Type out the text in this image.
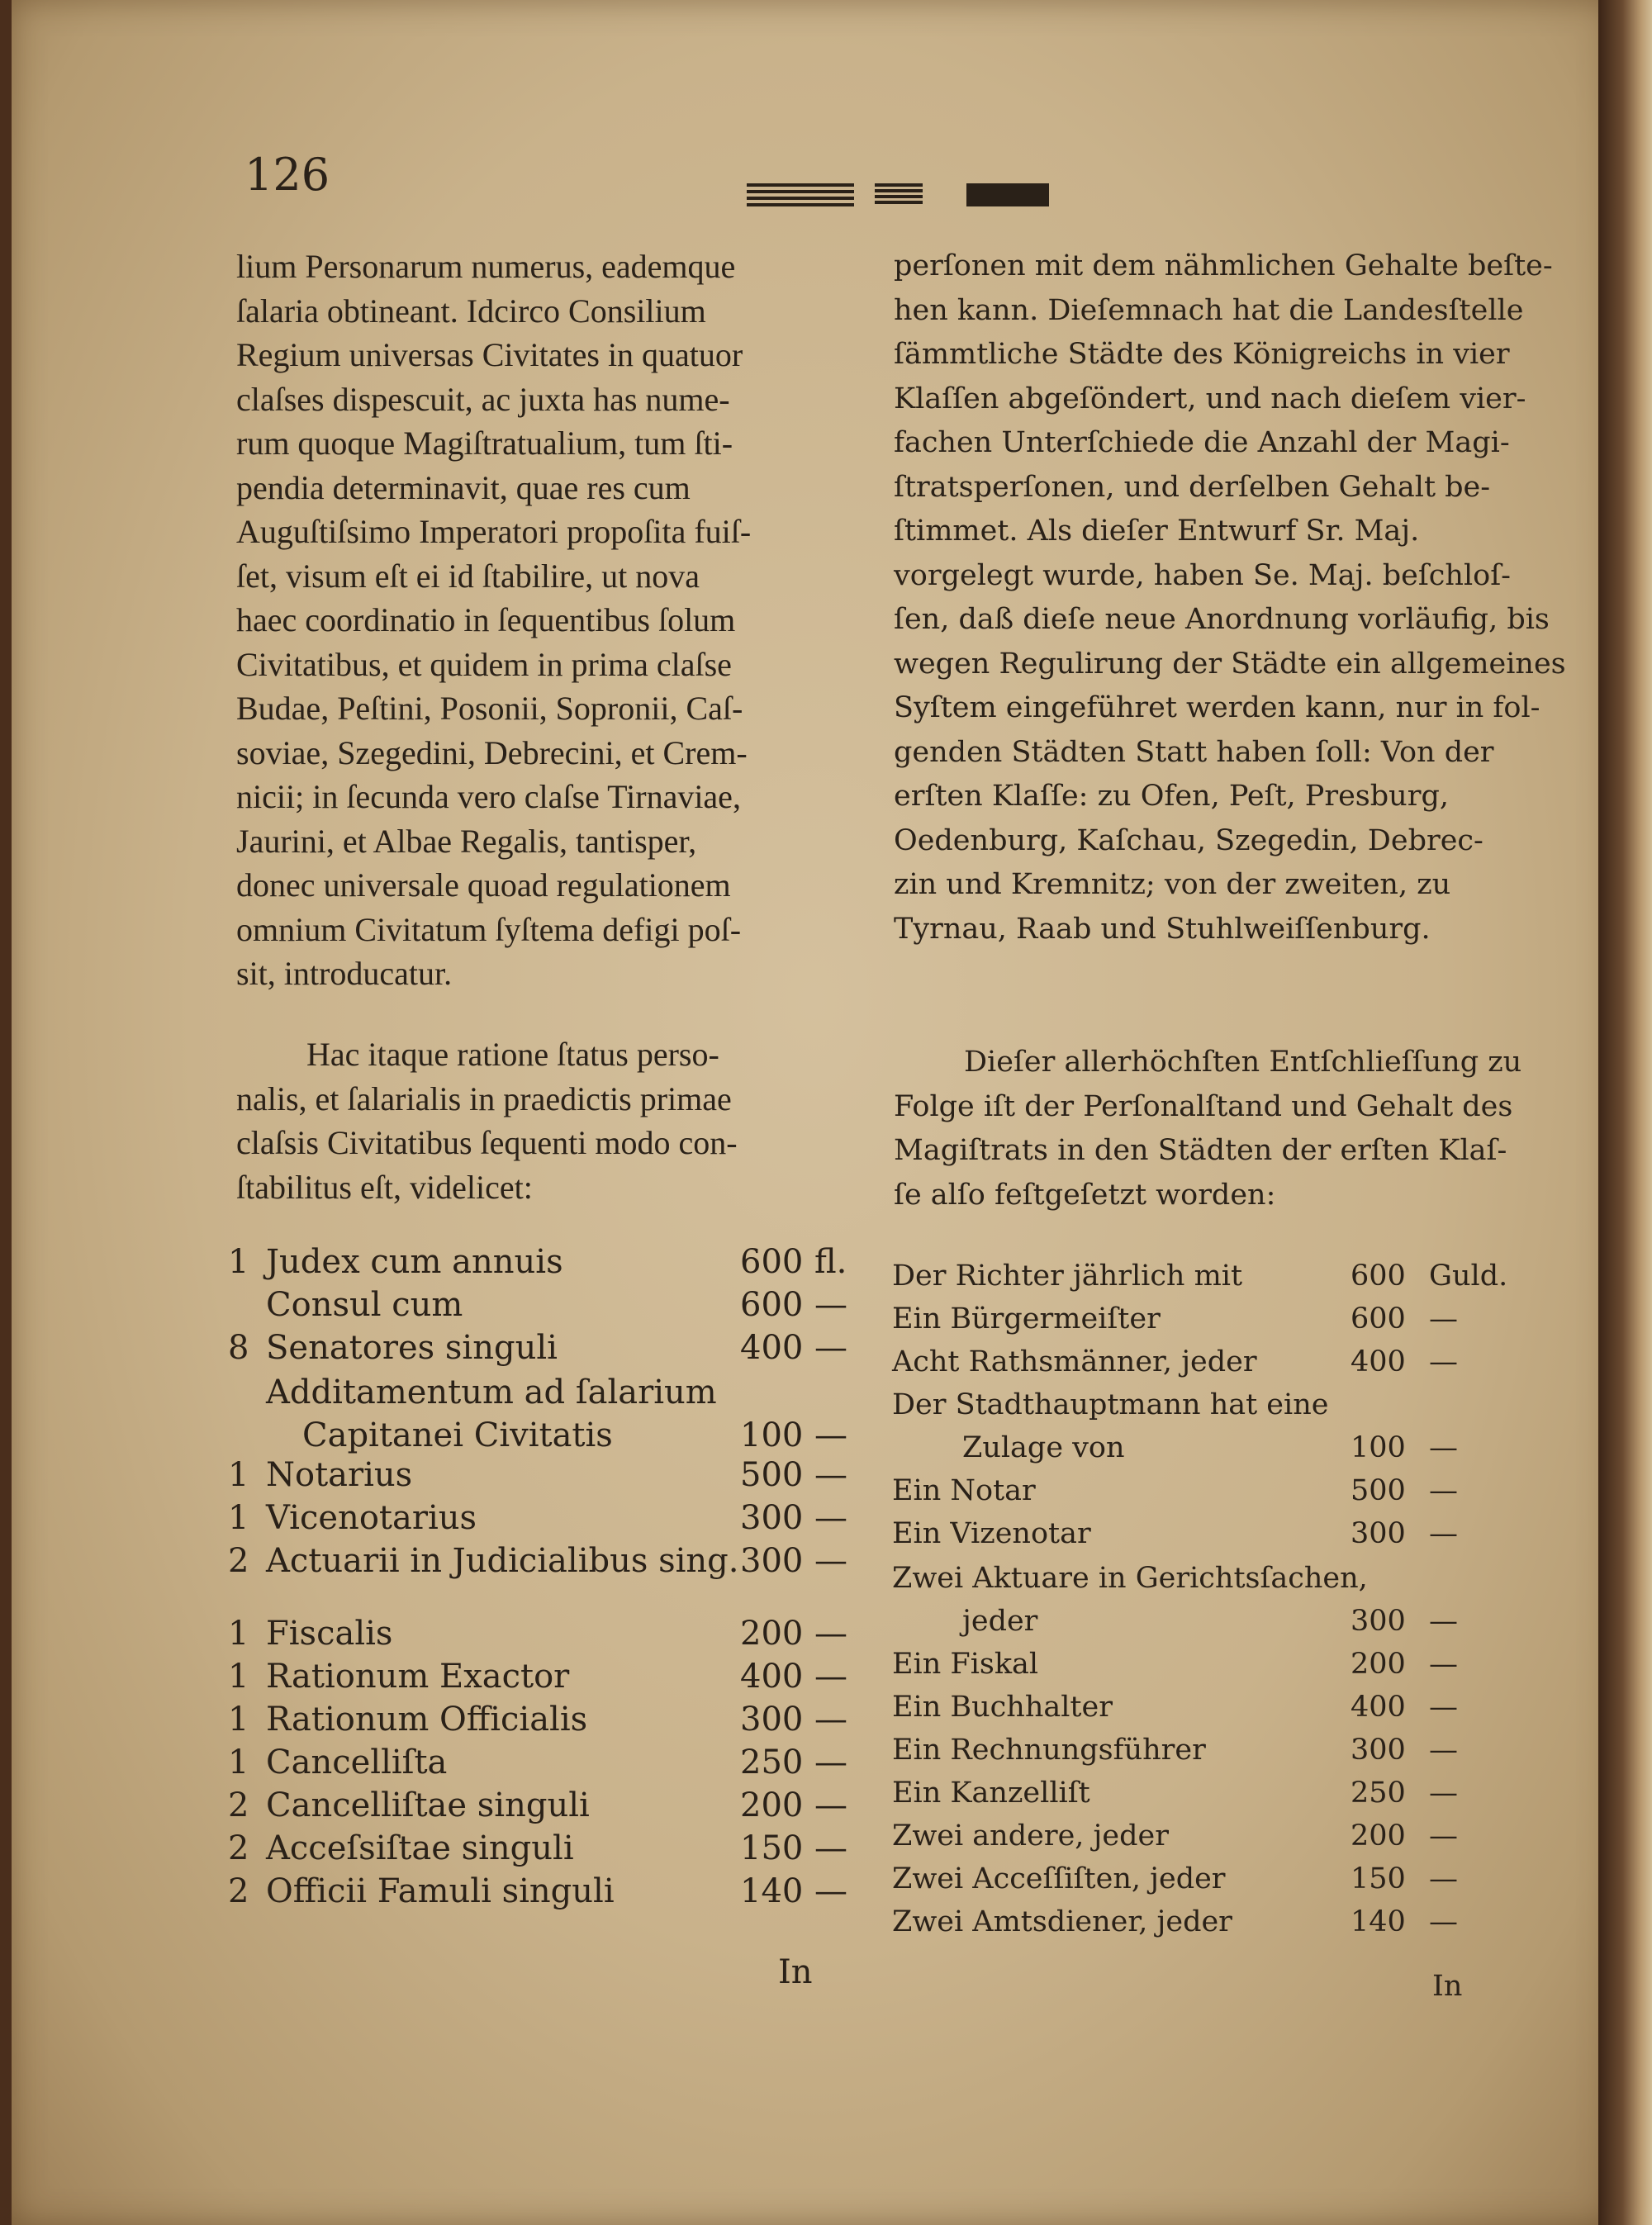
126
lium Personarum numerus, eademque
ſalaria obtineant. Idcirco Consilium
Regium universas Civitates in quatuor
claſses dispescuit, ac juxta has nume-
rum quoque Magiſtratualium, tum ſti-
pendia determinavit, quae res cum
Auguſtiſsimo Imperatori propoſita fuiſ-
ſet, visum eſt ei id ſtabilire, ut nova
haec coordinatio in ſequentibus ſolum
Civitatibus, et quidem in prima claſse
Budae, Peſtini, Posonii, Sopronii, Caſ-
soviae, Szegedini, Debrecini, et Crem-
nicii; in ſecunda vero claſse Tirnaviae,
Jaurini, et Albae Regalis, tantisper,
donec universale quoad regulationem
omnium Civitatum ſyſtema defigi poſ-
sit, introducatur.
Hac itaque ratione ſtatus perso-
nalis, et ſalarialis in praedictis primae
claſsis Civitatibus ſequenti modo con-
ſtabilitus eſt, videlicet:
1 Judex cum annuis	600 fl.
Consul cum	600 —
8 Senatores singuli	400 —
Additamentum ad ſalarium
Capitanei Civitatis	100 —
1 Notarius	500 —
1 Vicenotarius	300 —
2 Actuarii in Judicialibus sing. 300 —
1 Fiscalis	200 —
1 Rationum Exactor	400 —
1 Rationum Officialis	300 —
1 Cancelliſta	250 —
2 Cancelliſtae singuli	200 —
2 Acceſsiſtae singuli	150 —
2 Officii Famuli singuli	140 —
In
perſonen mit dem nähmlichen Gehalte beſte-
hen kann. Dieſemnach hat die Landesſtelle
ſämmtliche Städte des Königreichs in vier
Klaſſen abgeſöndert, und nach dieſem vier-
fachen Unterſchiede die Anzahl der Magi-
ſtratsperſonen, und derſelben Gehalt be-
ſtimmet. Als dieſer Entwurf Sr. Maj.
vorgelegt wurde, haben Se. Maj. beſchloſ-
ſen, daß dieſe neue Anordnung vorläufig, bis
wegen Regulirung der Städte ein allgemeines
Syſtem eingeführet werden kann, nur in fol-
genden Städten Statt haben ſoll: Von der
erſten Klaſſe: zu Ofen, Peſt, Presburg,
Oedenburg, Kaſchau, Szegedin, Debrec-
zin und Kremnitz; von der zweiten, zu
Tyrnau, Raab und Stuhlweiſſenburg.
Dieſer allerhöchſten Entſchlieſſung zu
Folge iſt der Perſonalſtand und Gehalt des
Magiſtrats in den Städten der erſten Klaſ-
ſe alſo feſtgeſetzt worden:
Der Richter jährlich mit	600 Guld.
Ein Bürgermeiſter	600 —
Acht Rathsmänner, jeder	400 —
Der Stadthauptmann hat eine
Zulage von	100 —
Ein Notar	500 —
Ein Vizenotar	300 —
Zwei Aktuare in Gerichtsſachen,
jeder	300 —
Ein Fiskal	200 —
Ein Buchhalter	400 —
Ein Rechnungsführer	300 —
Ein Kanzelliſt	250 —
Zwei andere, jeder	200 —
Zwei Acceſſiſten, jeder	150 —
Zwei Amtsdiener, jeder	140 —
In
